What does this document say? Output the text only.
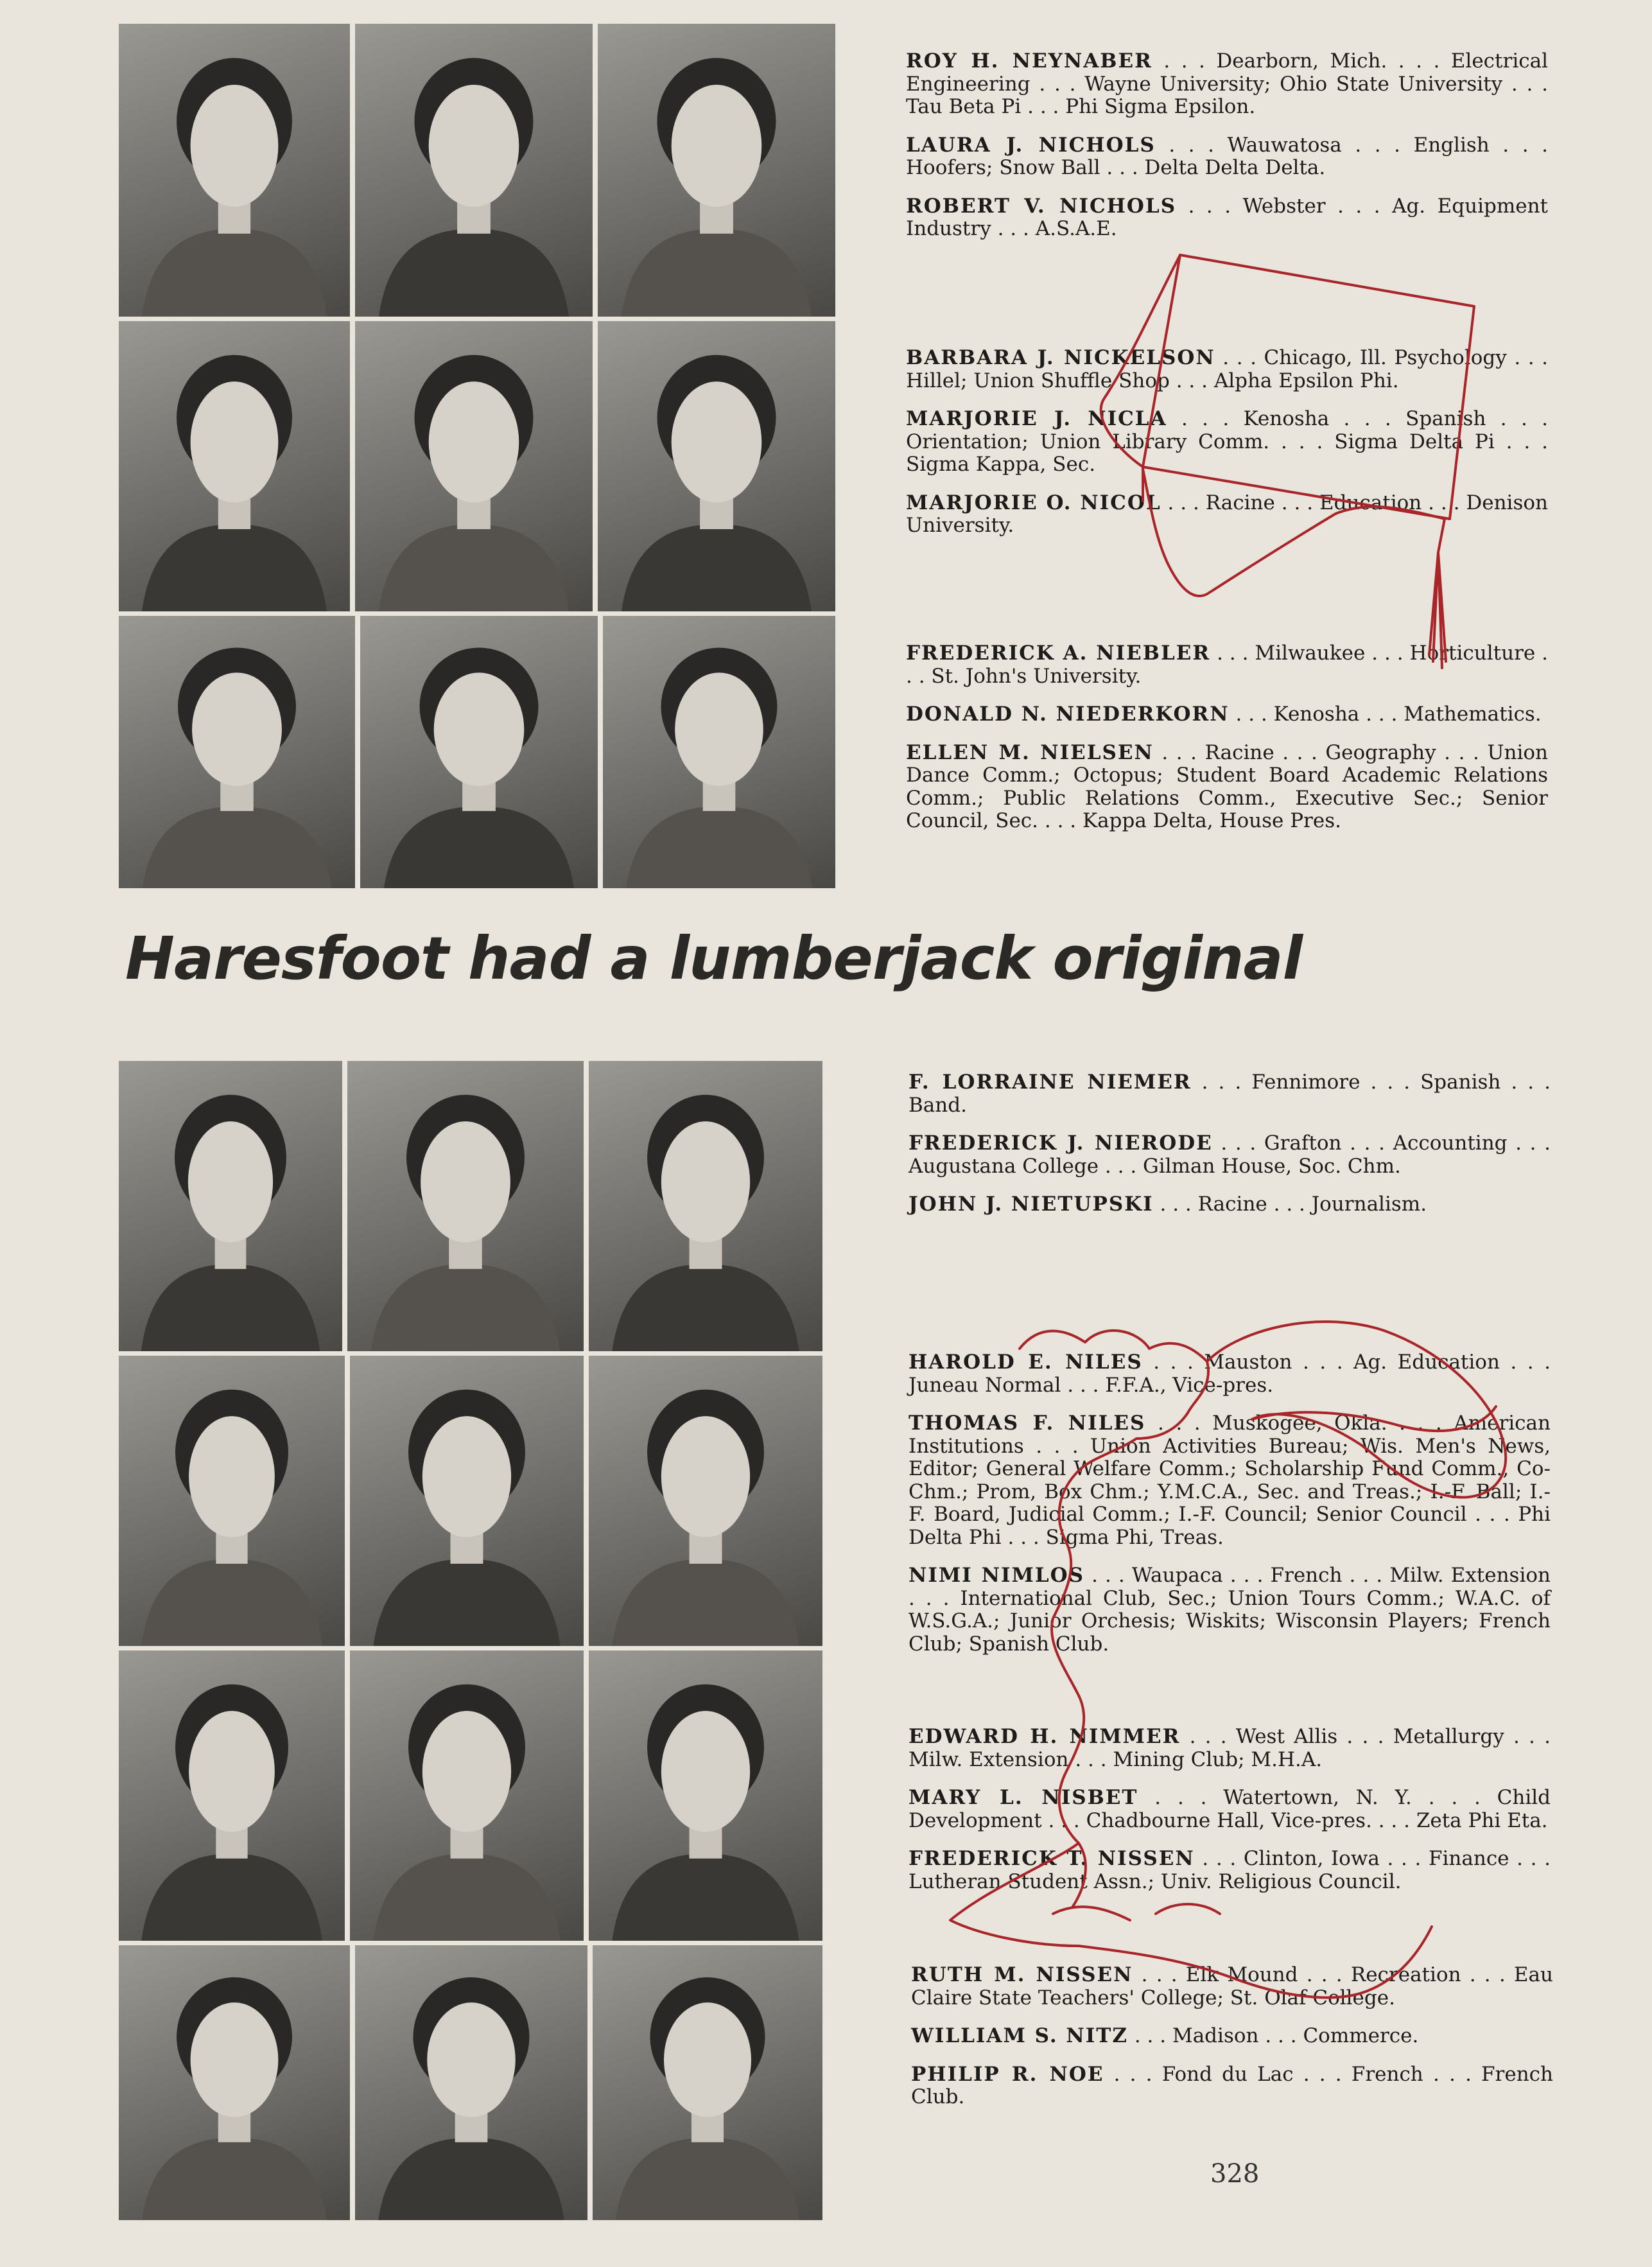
Haresfoot had a lumberjack original

ROY H. NEYNABER . . . Dearborn, Mich. . . . Electrical Engineering . . . Wayne University; Ohio State University . . . Tau Beta Pi . . . Phi Sigma Epsilon.

LAURA J. NICHOLS . . . Wauwatosa . . . English . . . Hoofers; Snow Ball . . . Delta Delta Delta.

ROBERT V. NICHOLS . . . Webster . . . Ag. Equipment Industry . . . A.S.A.E.

BARBARA J. NICKELSON . . . Chicago, Ill. Psychology . . . Hillel; Union Shuffle Shop . . . Alpha Epsilon Phi.

MARJORIE J. NICLA . . . Kenosha . . . Spanish . . . Orientation; Union Library Comm. . . . Sigma Delta Pi . . . Sigma Kappa, Sec.

MARJORIE O. NICOL . . . Racine . . . Education . . . Denison University.

FREDERICK A. NIEBLER . . . Milwaukee . . . Horticulture . . . St. John's University.

DONALD N. NIEDERKORN . . . Kenosha . . . Mathematics.

ELLEN M. NIELSEN . . . Racine . . . Geography . . . Union Dance Comm.; Octopus; Student Board Academic Relations Comm.; Public Relations Comm., Executive Sec.; Senior Council, Sec. . . . Kappa Delta, House Pres.

F. LORRAINE NIEMER . . . Fennimore . . . Spanish . . . Band.

FREDERICK J. NIERODE . . . Grafton . . . Accounting . . . Augustana College . . . Gilman House, Soc. Chm.

JOHN J. NIETUPSKI . . . Racine . . . Journalism.

HAROLD E. NILES . . . Mauston . . . Ag. Education . . . Juneau Normal . . . F.F.A., Vice-pres.

THOMAS F. NILES . . . Muskogee, Okla. . . . American Institutions . . . Union Activities Bureau; Wis. Men's News, Editor; General Welfare Comm.; Scholarship Fund Comm., Co-Chm.; Prom, Box Chm.; Y.M.C.A., Sec. and Treas.; I.-F. Ball; I.-F. Board, Judicial Comm.; I.-F. Council; Senior Council . . . Phi Delta Phi . . . Sigma Phi, Treas.

NIMI NIMLOS . . . Waupaca . . . French . . . Milw. Extension . . . International Club, Sec.; Union Tours Comm.; W.A.C. of W.S.G.A.; Junior Orchesis; Wiskits; Wisconsin Players; French Club; Spanish Club.

EDWARD H. NIMMER . . . West Allis . . . Metallurgy . . . Milw. Extension . . . Mining Club; M.H.A.

MARY L. NISBET . . . Watertown, N. Y. . . . Child Development . . . Chadbourne Hall, Vice-pres. . . . Zeta Phi Eta.

FREDERICK T. NISSEN . . . Clinton, Iowa . . . Finance . . . Lutheran Student Assn.; Univ. Religious Council.

RUTH M. NISSEN . . . Elk Mound . . . Recreation . . . Eau Claire State Teachers' College; St. Olaf College.

WILLIAM S. NITZ . . . Madison . . . Commerce.

PHILIP R. NOE . . . Fond du Lac . . . French . . . French Club.

328
